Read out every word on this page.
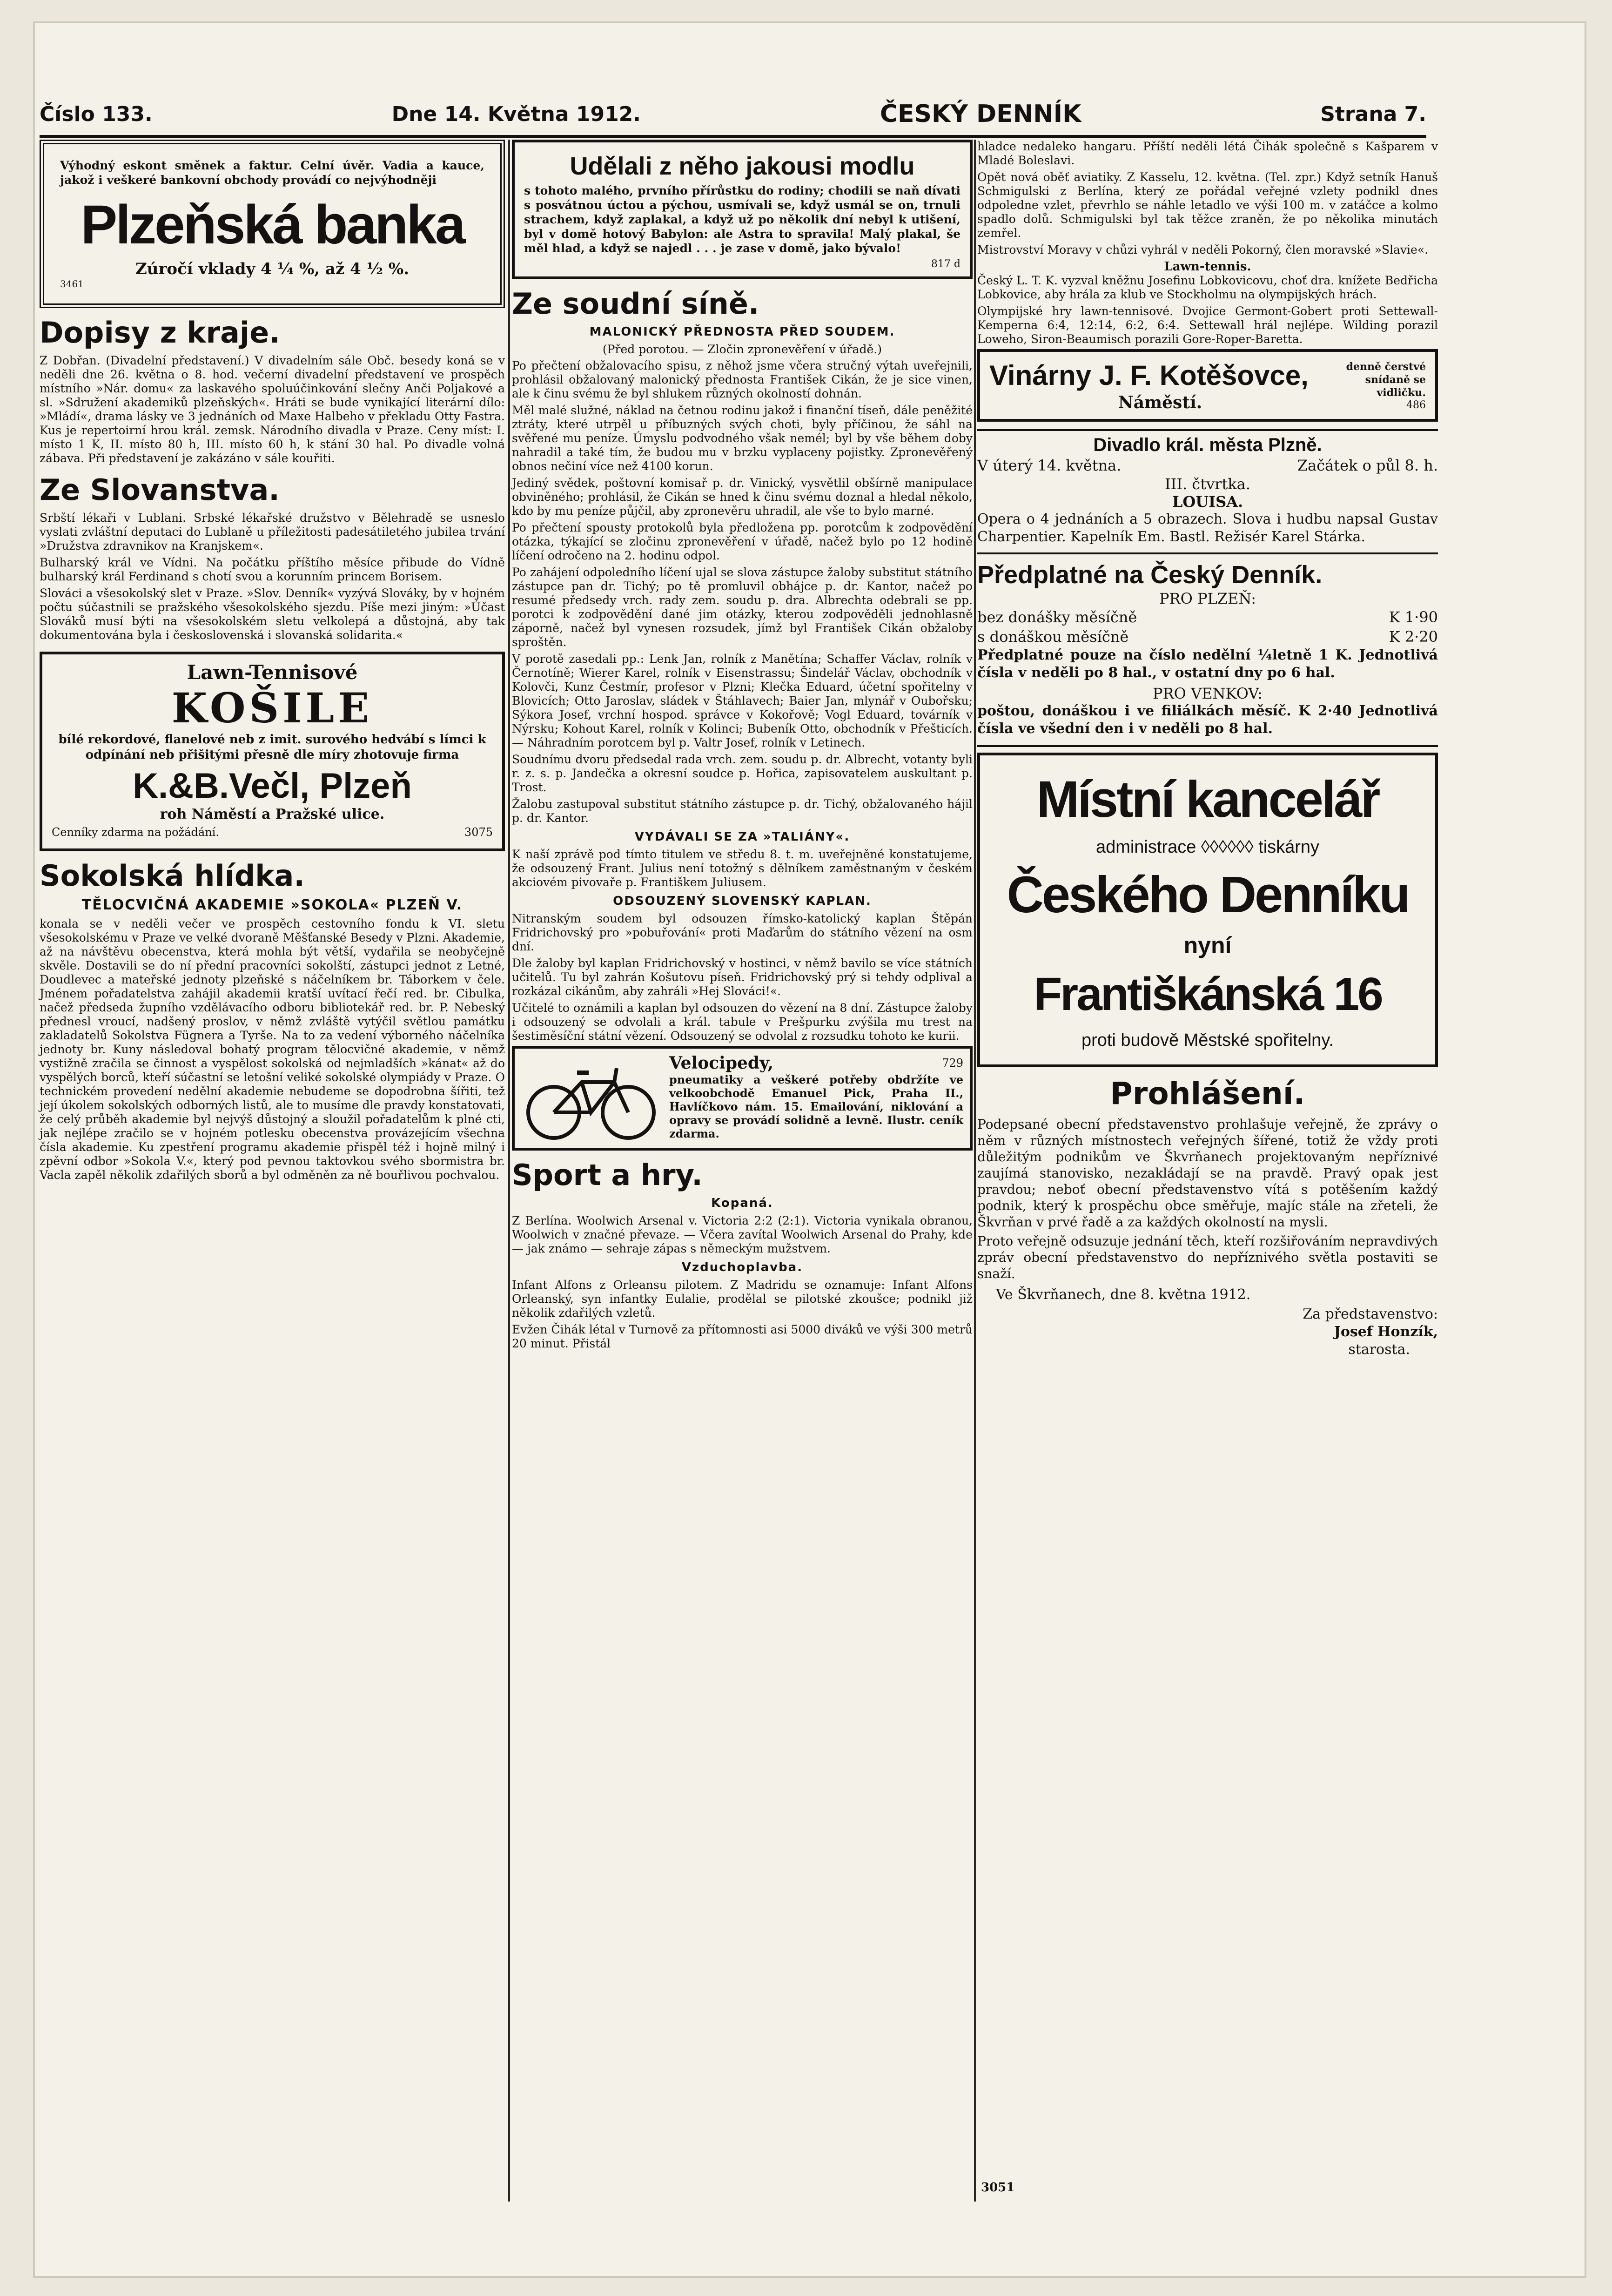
Číslo 133.	Dne 14. Května 1912.	ČESKÝ DENNÍK	Strana 7.

Výhodný eskont směnek a faktur. Celní úvěr. Vadia a kauce, jakož i veškeré bankovní obchody provádí co nejvýhodněji

Plzeňská banka
Zúročí vklady 4 ¼ %, až 4 ½ %.
3461
Dopisy z kraje.

Z Dobřan. (Divadelní představení.) V divadelním sále Obč. besedy koná se v neděli dne 26. května o 8. hod. večerní divadelní představení ve prospěch místního »Nár. domu« za laskavého spoluúčinkování slečny Anči Poljakové a sl. »Sdružení akademiků plzeňských«. Hráti se bude vynikající literární dílo: »Mládí«, drama lásky ve 3 jednáních od Maxe Halbeho v překladu Otty Fastra. Kus je repertoirní hrou král. zemsk. Národního divadla v Praze. Ceny míst: I. místo 1 K, II. místo 80 h, III. místo 60 h, k stání 30 hal. Po divadle volná zábava. Při představení je zakázáno v sále kouřiti.

Ze Slovanstva.

Srbští lékaři v Lublani. Srbské lékařské družstvo v Bělehradě se usneslo vyslati zvláštní deputaci do Lublaně u příležitosti padesátiletého jubilea trvání »Družstva zdravnikov na Kranjskem«.

Bulharský král ve Vídni. Na počátku příštího měsíce přibude do Vídně bulharský král Ferdinand s chotí svou a korunním princem Borisem.

Slováci a všesokolský slet v Praze. »Slov. Denník« vyzývá Slováky, by v hojném počtu súčastnili se pražského všesokolského sjezdu. Píše mezi jiným: »Účast Slováků musí býti na všesokolském sletu velkolepá a důstojná, aby tak dokumentována byla i československá i slovanská solidarita.«

Lawn-Tennisové
KOŠILE

bílé rekordové, flanelové neb z imit. surového hedvábí s límci k odpínání neb přišitými přesně dle míry zhotovuje firma

K.&B.Večl, Plzeň
roh Náměstí a Pražské ulice.
Cenníky zdarma na požádání.	3075
Sokolská hlídka.
TĚLOCVIČNÁ AKADEMIE »SOKOLA« PLZEŇ V.

konala se v neděli večer ve prospěch cestovního fondu k VI. sletu všesokolskému v Praze ve velké dvoraně Měšťanské Besedy v Plzni. Akademie, až na návštěvu obecenstva, která mohla být větší, vydařila se neobyčejně skvěle. Dostavili se do ní přední pracovníci sokolští, zástupci jednot z Letné, Doudlevec a mateřské jednoty plzeňské s náčelníkem br. Táborkem v čele. Jménem pořadatelstva zahájil akademii kratší uvítací řečí red. br. Cibulka, načež předseda župního vzdělávacího odboru bibliotekář red. br. P. Nebeský přednesl vroucí, nadšený proslov, v němž zvláště vytýčil světlou památku zakladatelů Sokolstva Fügnera a Tyrše. Na to za vedení výborného náčelníka jednoty br. Kuny následoval bohatý program tělocvičné akademie, v němž vystižně zračila se činnost a vyspělost sokolská od nejmladších »kánat« až do vyspělých borců, kteří súčastní se letošní veliké sokolské olympiády v Praze. O technickém provedení nedělní akademie nebudeme se dopodrobna šířiti, tež její úkolem sokolských odborných listů, ale to musíme dle pravdy konstatovati, že celý průběh akademie byl nejvýš důstojný a sloužil pořadatelům k plné cti, jak nejlépe zračilo se v hojném potlesku obecenstva provázejícím všechna čísla akademie. Ku zpestření programu akademie přispěl též i hojně milný i zpěvní odbor »Sokola V.«, který pod pevnou taktovkou svého sbormistra br. Vacla zapěl několik zdařilých sborů a byl odměněn za ně bouřlivou pochvalou.

Udělali z něho jakousi modlu

s tohoto malého, prvního přírůstku do rodiny; chodili se naň dívati s posvátnou úctou a pýchou, usmívali se, když usmál se on, trnuli strachem, když zaplakal, a když už po několik dní nebyl k utišení, byl v domě hotový Babylon: ale Astra to spravila! Malý plakal, še měl hlad, a když se najedl . . . je zase v domě, jako bývalo!

817 d
Ze soudní síně.
MALONICKÝ PŘEDNOSTA PŘED SOUDEM.
(Před porotou. — Zločin zpronevěření v úřadě.)

Po přečtení obžalovacího spisu, z něhož jsme včera stručný výtah uveřejnili, prohlásil obžalovaný malonický přednosta František Cikán, že je sice vinen, ale k činu svému že byl shlukem různých okolností dohnán.

Měl malé služné, náklad na četnou rodinu jakož i finanční tíseň, dále peněžité ztráty, které utrpěl u příbuzných svých choti, byly příčinou, že sáhl na svěřené mu peníze. Úmyslu podvodného však nemél; byl by vše během doby nahradil a také tím, že budou mu v brzku vyplaceny pojistky. Zpronevěřený obnos nečiní více než 4100 korun.

Jediný svědek, poštovní komisař p. dr. Vinický, vysvětlil obšírně manipulace obviněného; prohlásil, že Cikán se hned k činu svému doznal a hledal několo, kdo by mu peníze půjčil, aby zpronevěru uhradil, ale vše to bylo marné.

Po přečtení spousty protokolů byla předložena pp. porotcům k zodpovědění otázka, týkající se zločinu zpronevěření v úřadě, načež bylo po 12 hodině líčení odročeno na 2. hodinu odpol.

Po zahájení odpoledního líčení ujal se slova zástupce žaloby substitut státního zástupce pan dr. Tichý; po tě promluvil obhájce p. dr. Kantor, načež po resumé předsedy vrch. rady zem. soudu p. dra. Albrechta odebrali se pp. porotci k zodpovědění dané jim otázky, kterou zodpověděli jednohlasně záporně, načež byl vynesen rozsudek, jímž byl František Cikán obžaloby sproštěn.

V porotě zasedali pp.: Lenk Jan, rolník z Manětína; Schaffer Václav, rolník v Černotíně; Wierer Karel, rolník v Eisenstrassu; Šindelář Václav, obchodník v Kolovči, Kunz Čestmír, profesor v Plzni; Klečka Eduard, účetní spořitelny v Blovicích; Otto Jaroslav, sládek v Štáhlavech; Baier Jan, mlynář v Oubořsku; Sýkora Josef, vrchní hospod. správce v Kokořově; Vogl Eduard, továrník v Nýrsku; Kohout Karel, rolník v Kolinci; Bubeník Otto, obchodník v Přešticích. — Náhradním porotcem byl p. Valtr Josef, rolník v Letinech.

Soudnímu dvoru předsedal rada vrch. zem. soudu p. dr. Albrecht, votanty byli r. z. s. p. Jandečka a okresní soudce p. Hořica, zapisovatelem auskultant p. Trost.

Žalobu zastupoval substitut státního zástupce p. dr. Tichý, obžalovaného hájil p. dr. Kantor.

VYDÁVALI SE ZA »TALIÁNY«.

K naší zprávě pod tímto titulem ve středu 8. t. m. uveřejněné konstatujeme, že odsouzený Frant. Julius není totožný s dělníkem zaměstnaným v českém akciovém pivovaře p. Františkem Juliusem.

ODSOUZENÝ SLOVENSKÝ KAPLAN.

Nitranským soudem byl odsouzen římsko-katolický kaplan Štěpán Fridrichovský pro »pobuřování« proti Maďarům do státního vězení na osm dní.

Dle žaloby byl kaplan Fridrichovský v hostinci, v němž bavilo se více státních učitelů. Tu byl zahrán Košutovu píseň. Fridrichovský prý si tehdy odplival a rozkázal cikánům, aby zahráli »Hej Slováci!«.

Učitelé to oznámili a kaplan byl odsouzen do vězení na 8 dní. Zástupce žaloby i odsouzený se odvolali a král. tabule v Prešpurku zvýšila mu trest na šestiměsíční státní vězení. Odsouzený se odvolal z rozsudku tohoto ke kurii.

Velocipedy,	729

pneumatiky a veškeré potřeby obdržíte ve velkoobchodě Emanuel Pick, Praha II., Havlíčkovo nám. 15. Emailování, niklování a opravy se provádí solidně a levně. Ilustr. ceník zdarma.

Sport a hry.
Kopaná.

Z Berlína. Woolwich Arsenal v. Victoria 2:2 (2:1). Victoria vynikala obranou, Woolwich v značné převaze. — Včera zavítal Woolwich Arsenal do Prahy, kde — jak známo — sehraje zápas s německým mužstvem.

Vzduchoplavba.

Infant Alfons z Orleansu pilotem. Z Madridu se oznamuje: Infant Alfons Orleanský, syn infantky Eulalie, prodělal se pilotské zkoušce; podnikl již několik zdařilých vzletů.

Evžen Čihák létal v Turnově za přítomnosti asi 5000 diváků ve výši 300 metrů 20 minut. Přistál

hladce nedaleko hangaru. Příští neděli létá Čihák společně s Kašparem v Mladé Boleslavi.

Opět nová oběť aviatiky. Z Kasselu, 12. května. (Tel. zpr.) Když setník Hanuš Schmigulski z Berlína, který ze pořádal veřejné vzlety podnikl dnes odpoledne vzlet, převrhlo se náhle letadlo ve výši 100 m. v zatáčce a kolmo spadlo dolů. Schmigulski byl tak těžce zraněn, že po několika minutách zemřel.

Mistrovství Moravy v chůzi vyhrál v neděli Pokorný, člen moravské »Slavie«.

Lawn-tennis.

Český L. T. K. vyzval kněžnu Josefinu Lobkovicovu, choť dra. knížete Bedřicha Lobkovice, aby hrála za klub ve Stockholmu na olympijských hrách.

Olympijské hry lawn-tennisové. Dvojice Germont-Gobert proti Settewall-Kemperna 6:4, 12:14, 6:2, 6:4. Settewall hrál nejlépe. Wilding porazil Loweho, Siron-Beaumisch porazili Gore-Roper-Baretta.

Vinárny J. F. Kotěšovce,
Náměstí.
denně čerstvé snídaně se vidličku.
486
Divadlo král. města Plzně.
V úterý 14. května.	Začátek o půl 8. h.
III. čtvrtka.
LOUISA.

Opera o 4 jednáních a 5 obrazech. Slova i hudbu napsal Gustav Charpentier. Kapelník Em. Bastl. Režisér Karel Stárka.

Předplatné na Český Denník.
PRO PLZEŇ:
bez donášky měsíčně	K 1·90
s donáškou měsíčně	K 2·20

Předplatné pouze na číslo nedělní ¼letně 1 K. Jednotlivá čísla v neděli po 8 hal., v ostatní dny po 6 hal.

PRO VENKOV:

poštou, donáškou i ve filiálkách měsíč. K 2·40 Jednotlivá čísla ve všední den i v neděli po 8 hal.

Místní kancelář
administrace ◊◊◊◊◊◊ tiskárny
Českého Denníku
nyní
Františkánská 16
proti budově Městské spořitelny.
Prohlášení.

Podepsané obecní představenstvo prohlašuje veřejně, že zprávy o něm v různých místnostech veřejných šířené, totiž že vždy proti důležitým podnikům ve Škvrňanech projektovaným nepříznivé zaujímá stanovisko, nezakládají se na pravdě. Pravý opak jest pravdou; neboť obecní představenstvo vítá s potěšením každý podnik, který k prospěchu obce směřuje, majíc stále na zřeteli, že Škvrňan v prvé řadě a za každých okolností na mysli.

Proto veřejně odsuzuje jednání těch, kteří rozšiřováním nepravdivých zpráv obecní představenstvo do nepříznivého světla postaviti se snaží.

Ve Škvrňanech, dne 8. května 1912.
Za představenstvo:
Josef Honzík,
starosta.
3051
